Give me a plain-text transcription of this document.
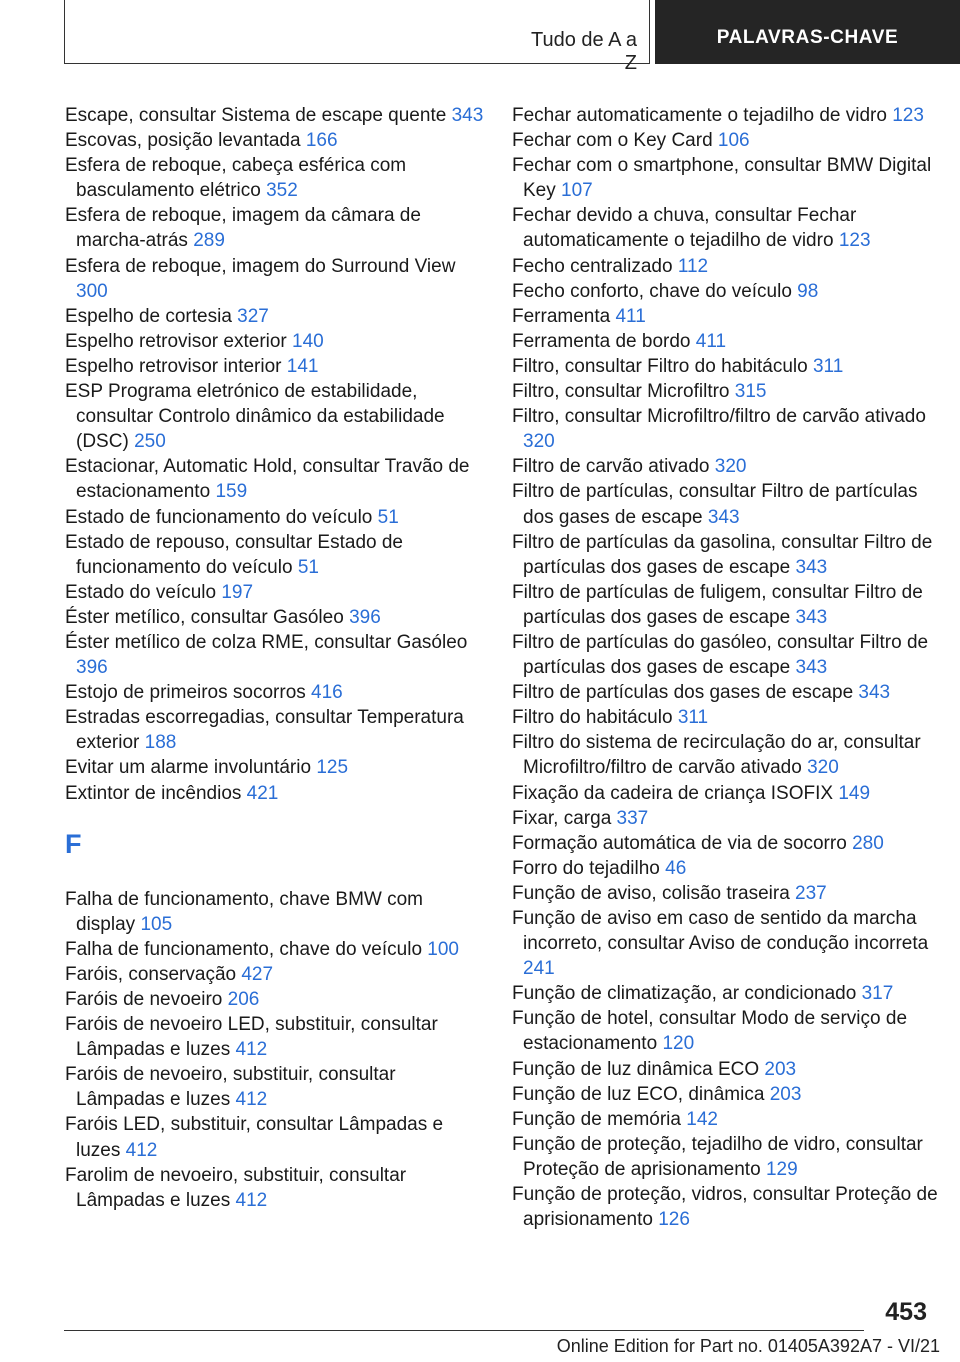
Tudo de A a Z
PALAVRAS-CHAVE
Escape, consultar Sistema de escape quente 343
Escovas, posição levantada 166
Esfera de reboque, cabeça esférica com basculamento elétrico 352
Esfera de reboque, imagem da câmara de marcha-atrás 289
Esfera de reboque, imagem do Surround View 300
Espelho de cortesia 327
Espelho retrovisor exterior 140
Espelho retrovisor interior 141
ESP Programa eletrónico de estabilidade, consultar Controlo dinâmico da estabilidade (DSC) 250
Estacionar, Automatic Hold, consultar Travão de estacionamento 159
Estado de funcionamento do veículo 51
Estado de repouso, consultar Estado de funcionamento do veículo 51
Estado do veículo 197
Éster metílico, consultar Gasóleo 396
Éster metílico de colza RME, consultar Gasóleo 396
Estojo de primeiros socorros 416
Estradas escorregadias, consultar Temperatura exterior 188
Evitar um alarme involuntário 125
Extintor de incêndios 421
F
Falha de funcionamento, chave BMW com display 105
Falha de funcionamento, chave do veículo 100
Faróis, conservação 427
Faróis de nevoeiro 206
Faróis de nevoeiro LED, substituir, consultar Lâmpadas e luzes 412
Faróis de nevoeiro, substituir, consultar Lâmpadas e luzes 412
Faróis LED, substituir, consultar Lâmpadas e luzes 412
Farolim de nevoeiro, substituir, consultar Lâmpadas e luzes 412
Fechar automaticamente o tejadilho de vidro 123
Fechar com o Key Card 106
Fechar com o smartphone, consultar BMW Digital Key 107
Fechar devido a chuva, consultar Fechar automaticamente o tejadilho de vidro 123
Fecho centralizado 112
Fecho conforto, chave do veículo 98
Ferramenta 411
Ferramenta de bordo 411
Filtro, consultar Filtro do habitáculo 311
Filtro, consultar Microfiltro 315
Filtro, consultar Microfiltro/filtro de carvão ativado 320
Filtro de carvão ativado 320
Filtro de partículas, consultar Filtro de partículas dos gases de escape 343
Filtro de partículas da gasolina, consultar Filtro de partículas dos gases de escape 343
Filtro de partículas de fuligem, consultar Filtro de partículas dos gases de escape 343
Filtro de partículas do gasóleo, consultar Filtro de partículas dos gases de escape 343
Filtro de partículas dos gases de escape 343
Filtro do habitáculo 311
Filtro do sistema de recirculação do ar, consultar Microfiltro/filtro de carvão ativado 320
Fixação da cadeira de criança ISOFIX 149
Fixar, carga 337
Formação automática de via de socorro 280
Forro do tejadilho 46
Função de aviso, colisão traseira 237
Função de aviso em caso de sentido da marcha incorreto, consultar Aviso de condução incorreta 241
Função de climatização, ar condicionado 317
Função de hotel, consultar Modo de serviço de estacionamento 120
Função de luz dinâmica ECO 203
Função de luz ECO, dinâmica 203
Função de memória 142
Função de proteção, tejadilho de vidro, consultar Proteção de aprisionamento 129
Função de proteção, vidros, consultar Proteção de aprisionamento 126
453
Online Edition for Part no. 01405A392A7 - VI/21
